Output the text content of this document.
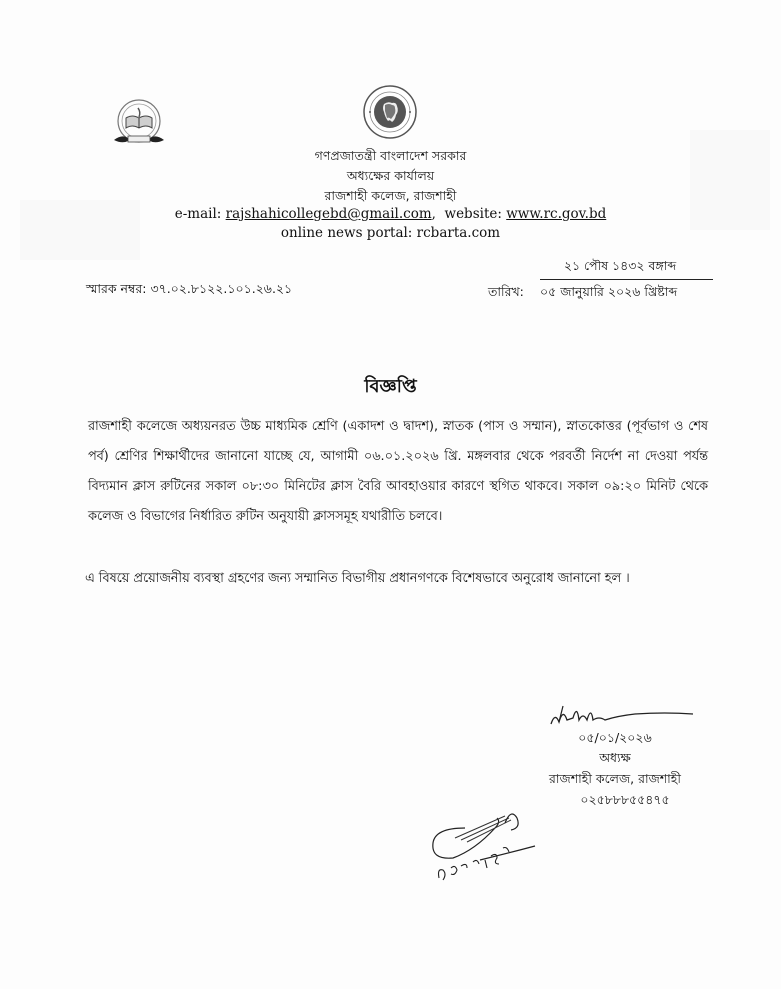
গণপ্রজাতন্ত্রী বাংলাদেশ সরকার
অধ্যক্ষের কার্যালয়
রাজশাহী কলেজ, রাজশাহী
e-mail: rajshahicollegebd@gmail.com,  website: www.rc.gov.bd
online news portal: rcbarta.com
স্মারক নম্বর: ৩৭.০২.৮১২২.১০১.২৬.২১	তারিখ:
২১ পৌষ ১৪৩২ বঙ্গাব্দ
০৫ জানুয়ারি ২০২৬ খ্রিষ্টাব্দ
বিজ্ঞপ্তি
রাজশাহী কলেজে অধ্যয়নরত উচ্চ মাধ্যমিক শ্রেণি (একাদশ ও দ্বাদশ), স্নাতক (পাস ও সম্মান), স্নাতকোত্তর (পূর্বভাগ ও শেষ পর্ব) শ্রেণির শিক্ষার্থীদের জানানো যাচ্ছে যে, আগামী ০৬.০১.২০২৬ খ্রি. মঙ্গলবার থেকে পরবর্তী নির্দেশ না দেওয়া পর্যন্ত বিদ্যমান ক্লাস রুটিনের সকাল ০৮:৩০ মিনিটের ক্লাস বৈরি আবহাওয়ার কারণে স্থগিত থাকবে। সকাল ০৯:২০ মিনিট থেকে কলেজ ও বিভাগের নির্ধারিত রুটিন অনুযায়ী ক্লাসসমূহ যথারীতি চলবে।
এ বিষয়ে প্রয়োজনীয় ব্যবস্থা গ্রহণের জন্য সম্মানিত বিভাগীয় প্রধানগণকে বিশেষভাবে অনুরোধ জানানো হল ।
০৫/০১/২০২৬
অধ্যক্ষ
রাজশাহী কলেজ, রাজশাহী
০২৫৮৮৮৫৫৪৭৫
